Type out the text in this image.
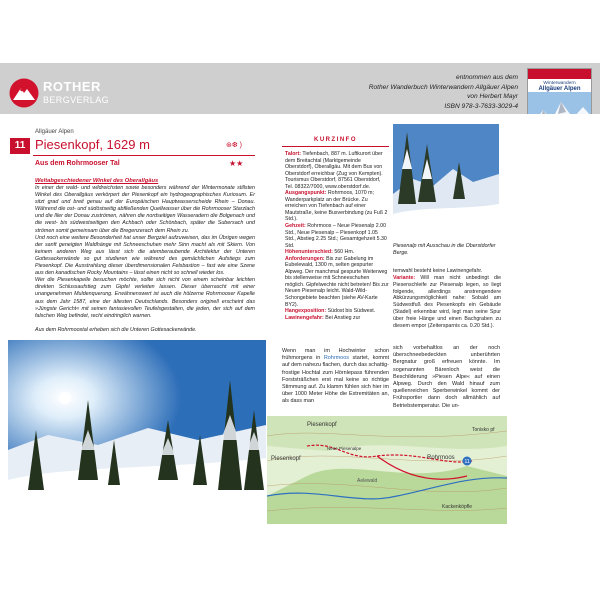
ROTHER
BERGVERLAG
entnommen aus dem
Rother Wanderbuch Winterwandern Allgäuer Alpen
von Herbert Mayr
ISBN 978-3-7633-3029-4
Winterwandern
Allgäuer Alpen
Allgäuer Alpen
11 Piesenkopf, 1629 m	⊛❆ )
Aus dem Rohrmooser Tal	★★
Weltabgeschiedener Winkel des Oberallgäus

In einer der wald- und wildreichsten sowie besonders während der Wintermonate stillsten Winkel des Oberallgäus verkörpert der Piesenkopf ein hydrogeographisches Kuriosum. Er sitzt grad und breit genau auf der Europäischen Hauptwasserscheide Rhein – Donau. Während die ost- und südöstseitig abfließenden Quellwasser über die Rohrmooser Starzlach und die Iller der Donau zuströmen, nähren die nordseitigen Wasseradern die Bolgenach und die west- bis südwestseitigen den Achbach oder Schönbach, später die Subersach und strömen somit gemeinsam über die Bregenzerach dem Rhein zu.

Und noch eine weitere Besonderheit hat unser Bergziel aufzuweisen, das im Übrigen wegen der sanft geneigten Waldhänge mit Schneeschuhen mehr Sinn macht als mit Skiern. Von keinem anderen Weg aus lässt sich die atemberaubende Architektur der Unteren Gottesackerwände so gut studieren wie während des gemächlichen Aufstiegs zum Piesenkopf. Die Ausstrahlung dieser überdimensionalen Felsbastion – fast wie eine Szene aus den kanadischen Rocky Mountains – lässt einen nicht so schnell wieder los.

Wer die Piesenkapelle besuchen möchte, sollte sich nicht von einem scheinbar leichten direkten Schlussaufstieg zum Gipfel verleiten lassen. Dieser überrascht mit einer unangenehmen Muldenquerung. Erwähnenswert ist auch die hölzerne Rohrmooser Kapelle aus dem Jahr 1587, eine der ältesten Deutschlands. Besonders originell erscheint das »Jüngste Gericht« mit seinen fantasievollen Teufelsgestalten, die jeden, der sich auf dem falschen Weg befindet, recht eindringlich warnen.

Aus dem Rohrmoostal erheben sich die Unteren Gottesackerwände.

KURZINFO
Talort: Tiefenbach, 887 m. Luftkurort über dem Breitachtal (Marktgemeinde Oberstdorf), Oberallgäu. Mit dem Bus von Oberstdorf erreichbar (Zug von Kempten). Tourismus Oberstdorf, 87561 Oberstdorf, Tel. 08322/7000, www.oberstdorf.de.
Ausgangspunkt: Rohrmoos, 1070 m; Wanderparkplatz an der Brücke. Zu erreichen von Tiefenbach auf einer Mautstraße, keine Busverbindung (zu Fuß 2 Std.).
Gehzeit: Rohrmoos – Neue Piesenalp 2.00 Std., Neue Piesenalp – Piesenkopf 1.05 Std., Abstieg 2.25 Std.; Gesamtgehzeit 5.30 Std.
Höhenunterschied: 560 Hm.
Anforderungen: Bis zur Gabelung im Eubelewald, 1300 m, selten gespurter Alpweg. Der manchmal gespurte Weiterweg bis stellenweise mit Schneeschuhen möglich. Gipfelwechte nicht betreten! Bis zur Neuen Piesenalp leicht. Wald-Wild-Schongebiete beachten (siehe AV-Karte BY2).
Hangexposition: Südost bis Südwest.
Lawinengefahr: Bei Anstieg zur
Piesenalp mit Ausschau in die Oberstdorfer Berge.
temwahl besteht keine Lawinengefahr.
Variante: Will man nicht unbedingt die Piesenschleife zur Piesenalp legen, so liegt folgende, allerdings anstrengendere Abkürzungsmöglichkeit nahe: Sobald am Südwestfuß des Piesenkopfs ein Gebäude (Stadel) erkennbar wird, legt man seine Spur über freie Hänge und einen Bachgraben zu diesem empor (Zeitersparnis ca. 0.20 Std.).
Wenn man im Hochwinter schon frühmorgens in Rohrmoos startet, kommt auf dem nahezu flachen, durch das schattig-frostige Hochtal zum Hörnlepass führenden Forststräßchen erst mal keine so richtige Stimmung auf. Zu klamm fühlen sich hier im über 1000 Meter Höhe die Extremitäten an, als dass man
sich vorbehaltlos an der noch überschneebedeckten unberührten Bergnatur groß erfreuen könnte. Im sogenannten Bärenloch weist die Beschilderung »Piesen Alpe« auf einen Alpweg. Durch den Wald hinauf zum quellenreichen Sperberwinkel kommt der Frühsportler dann doch allmählich auf Betriebstemperatur. Die un-
11
Piesenkopf
Piesenkopf
Tonisko pf
Rohrmoos
Kackenköpfle
Neue Piesenalpe
Aelewald
